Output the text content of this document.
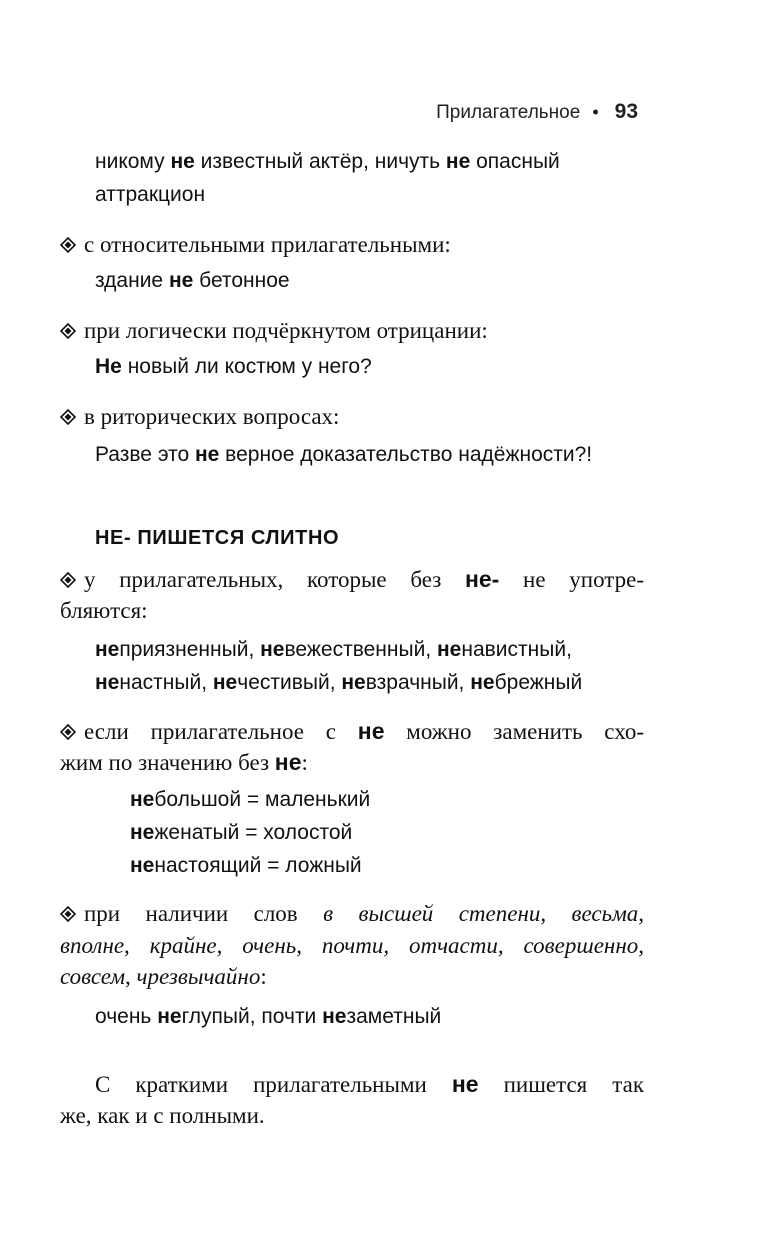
Прилагательное • 93
никому не известный актёр, ничуть не опасный
аттракцион
с относительными прилагательными:
здание не бетонное
при логически подчёркнутом отрицании:
Не новый ли костюм у него?
в риторических вопросах:
Разве это не верное доказательство надёжности?!
НЕ- ПИШЕТСЯ СЛИТНО
у прилагательных, которые без не- не употре-
бляются:
неприязненный, невежественный, ненавистный,
ненастный, нечестивый, невзрачный, небрежный
если прилагательное с не можно заменить схо-
жим по значению без не:
небольшой = маленький
неженатый = холостой
ненастоящий = ложный
при наличии слов в высшей степени, весьма,
вполне, крайне, очень, почти, отчасти, совершенно,
совсем, чрезвычайно:
очень неглупый, почти незаметный
С краткими прилагательными не пишется так
же, как и с полными.
